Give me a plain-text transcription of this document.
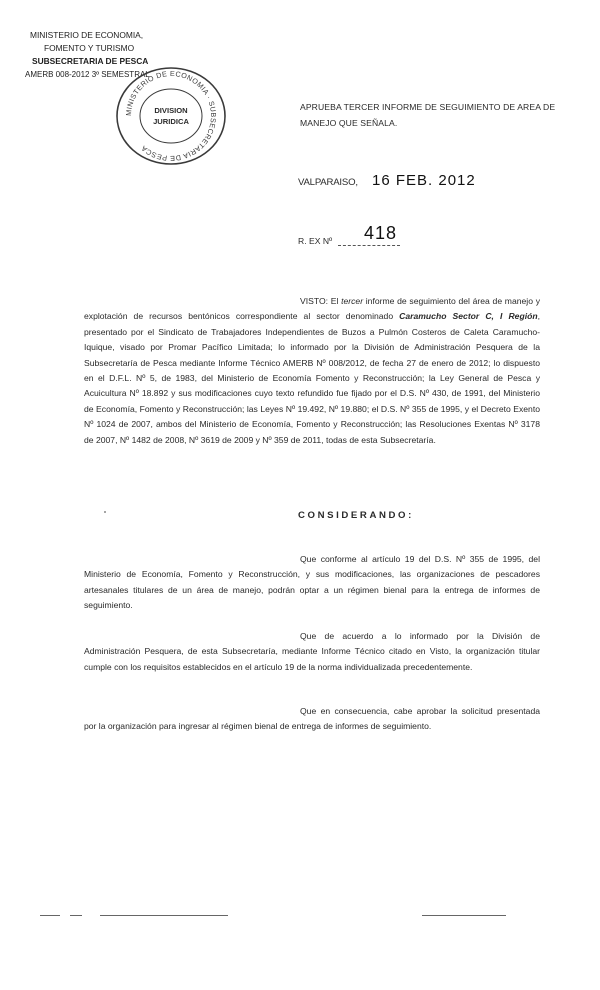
MINISTERIO DE ECONOMIA,
FOMENTO Y TURISMO
SUBSECRETARIA DE PESCA
AMERB 008-2012 3º SEMESTRAL
MINISTERIO DE ECONOMIA · SUBSECRETARIA DE PESCA
DIVISION
JURIDICA
APRUEBA TERCER INFORME DE SEGUIMIENTO DE AREA DE MANEJO QUE SEÑALA.
VALPARAISO, 16 FEB. 2012
R. EX Nº 418

VISTO: El tercer informe de seguimiento del área de manejo y explotación de recursos bentónicos correspondiente al sector denominado Caramucho Sector C, I Región, presentado por el Sindicato de Trabajadores Independientes de Buzos a Pulmón Costeros de Caleta Caramucho-Iquique, visado por Promar Pacífico Limitada; lo informado por la División de Administración Pesquera de la Subsecretaría de Pesca mediante Informe Técnico AMERB Nº 008/2012, de fecha 27 de enero de 2012; lo dispuesto en el D.F.L. Nº 5, de 1983, del Ministerio de Economía Fomento y Reconstrucción; la Ley General de Pesca y Acuicultura Nº 18.892 y sus modificaciones cuyo texto refundido fue fijado por el D.S. Nº 430, de 1991, del Ministerio de Economía, Fomento y Reconstrucción; las Leyes Nº 19.492, Nº 19.880; el D.S. Nº 355 de 1995, y el Decreto Exento Nº 1024 de 2007, ambos del Ministerio de Economía, Fomento y Reconstrucción; las Resoluciones Exentas Nº 3178 de 2007, Nº 1482 de 2008, Nº 3619 de 2009 y Nº 359 de 2011, todas de esta Subsecretaría.

CONSIDERANDO:

Que conforme al artículo 19 del D.S. Nº 355 de 1995, del Ministerio de Economía, Fomento y Reconstrucción, y sus modificaciones, las organizaciones de pescadores artesanales titulares de un área de manejo, podrán optar a un régimen bienal para la entrega de informes de seguimiento.

Que de acuerdo a lo informado por la División de Administración Pesquera, de esta Subsecretaría, mediante Informe Técnico citado en Visto, la organización titular cumple con los requisitos establecidos en el artículo 19 de la norma individualizada precedentemente.

Que en consecuencia, cabe aprobar la solicitud presentada por la organización para ingresar al régimen bienal de entrega de informes de seguimiento.
